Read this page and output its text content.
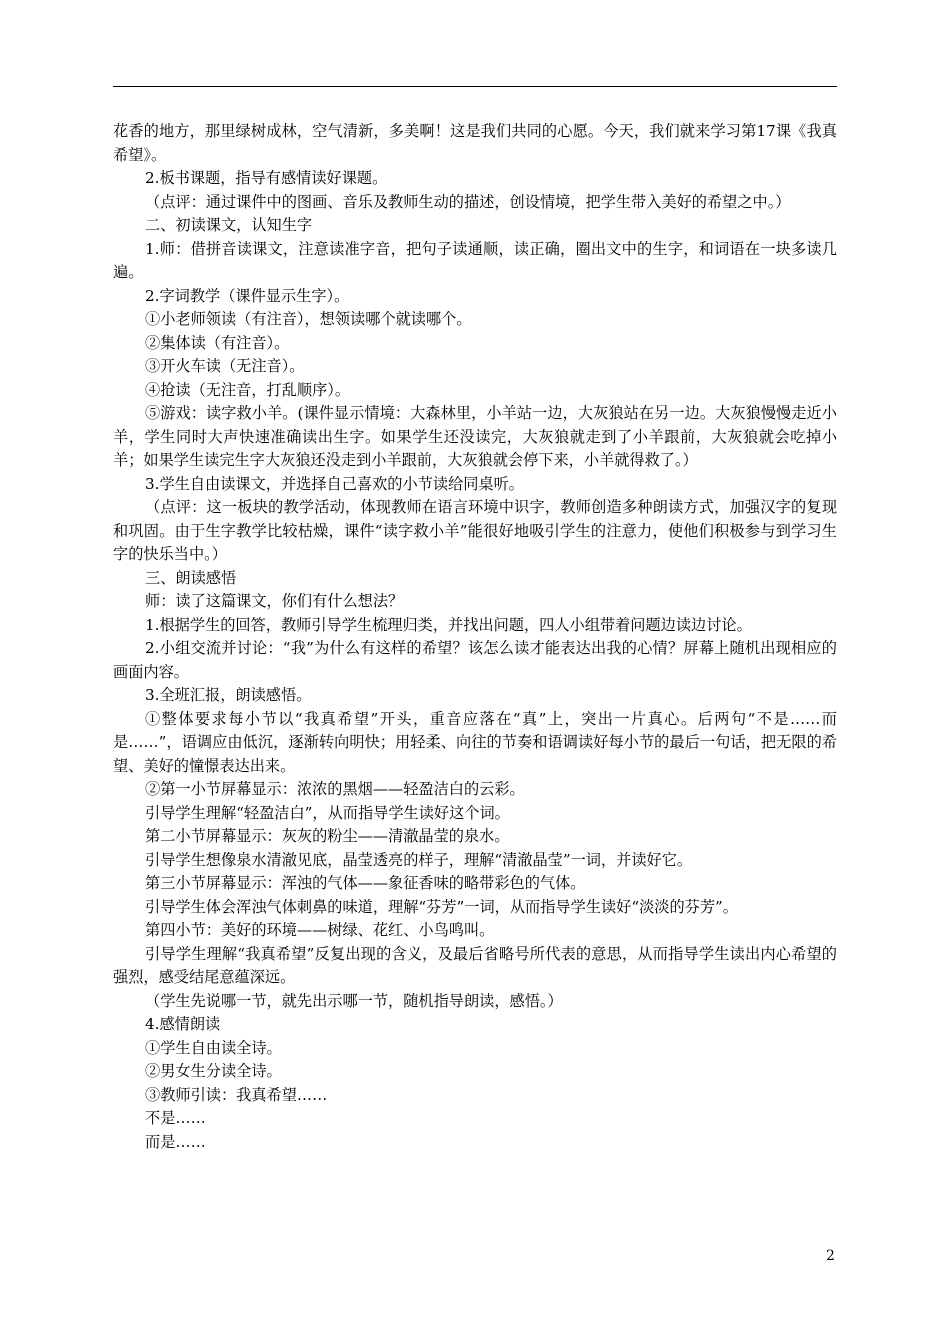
花香的地方，那里绿树成林，空气清新，多美啊！这是我们共同的心愿。今天，我们就来学习第17课《我真希望》。

2.板书课题，指导有感情读好课题。

（点评：通过课件中的图画、音乐及教师生动的描述，创设情境，把学生带入美好的希望之中。）

二、初读课文，认知生字

1.师：借拼音读课文，注意读准字音，把句子读通顺，读正确，圈出文中的生字，和词语在一块多读几遍。

2.字词教学（课件显示生字）。

①小老师领读（有注音），想领读哪个就读哪个。

②集体读（有注音）。

③开火车读（无注音）。

④抢读（无注音，打乱顺序）。

⑤游戏：读字救小羊。(课件显示情境：大森林里，小羊站一边，大灰狼站在另一边。大灰狼慢慢走近小羊，学生同时大声快速准确读出生字。如果学生还没读完，大灰狼就走到了小羊跟前，大灰狼就会吃掉小羊；如果学生读完生字大灰狼还没走到小羊跟前，大灰狼就会停下来，小羊就得救了。）

3.学生自由读课文，并选择自己喜欢的小节读给同桌听。

（点评：这一板块的教学活动，体现教师在语言环境中识字，教师创造多种朗读方式，加强汉字的复现和巩固。由于生字教学比较枯燥，课件“读字救小羊”能很好地吸引学生的注意力，使他们积极参与到学习生字的快乐当中。）

三、朗读感悟

师：读了这篇课文，你们有什么想法？

1.根据学生的回答，教师引导学生梳理归类，并找出问题，四人小组带着问题边读边讨论。

2.小组交流并讨论：“我”为什么有这样的希望？该怎么读才能表达出我的心情？屏幕上随机出现相应的画面内容。

3.全班汇报，朗读感悟。

①整体要求每小节以“我真希望”开头，重音应落在“真”上，突出一片真心。后两句“不是……而是……”，语调应由低沉，逐渐转向明快；用轻柔、向往的节奏和语调读好每小节的最后一句话，把无限的希望、美好的憧憬表达出来。

②第一小节屏幕显示：浓浓的黑烟——轻盈洁白的云彩。

引导学生理解“轻盈洁白”，从而指导学生读好这个词。

第二小节屏幕显示：灰灰的粉尘——清澈晶莹的泉水。

引导学生想像泉水清澈见底，晶莹透亮的样子，理解“清澈晶莹”一词，并读好它。

第三小节屏幕显示：浑浊的气体——象征香味的略带彩色的气体。

引导学生体会浑浊气体刺鼻的味道，理解“芬芳”一词，从而指导学生读好“淡淡的芬芳”。

第四小节：美好的环境——树绿、花红、小鸟鸣叫。

引导学生理解“我真希望”反复出现的含义，及最后省略号所代表的意思，从而指导学生读出内心希望的强烈，感受结尾意蕴深远。

（学生先说哪一节，就先出示哪一节，随机指导朗读，感悟。）

4.感情朗读

①学生自由读全诗。

②男女生分读全诗。

③教师引读：我真希望……

不是……

而是……

2
